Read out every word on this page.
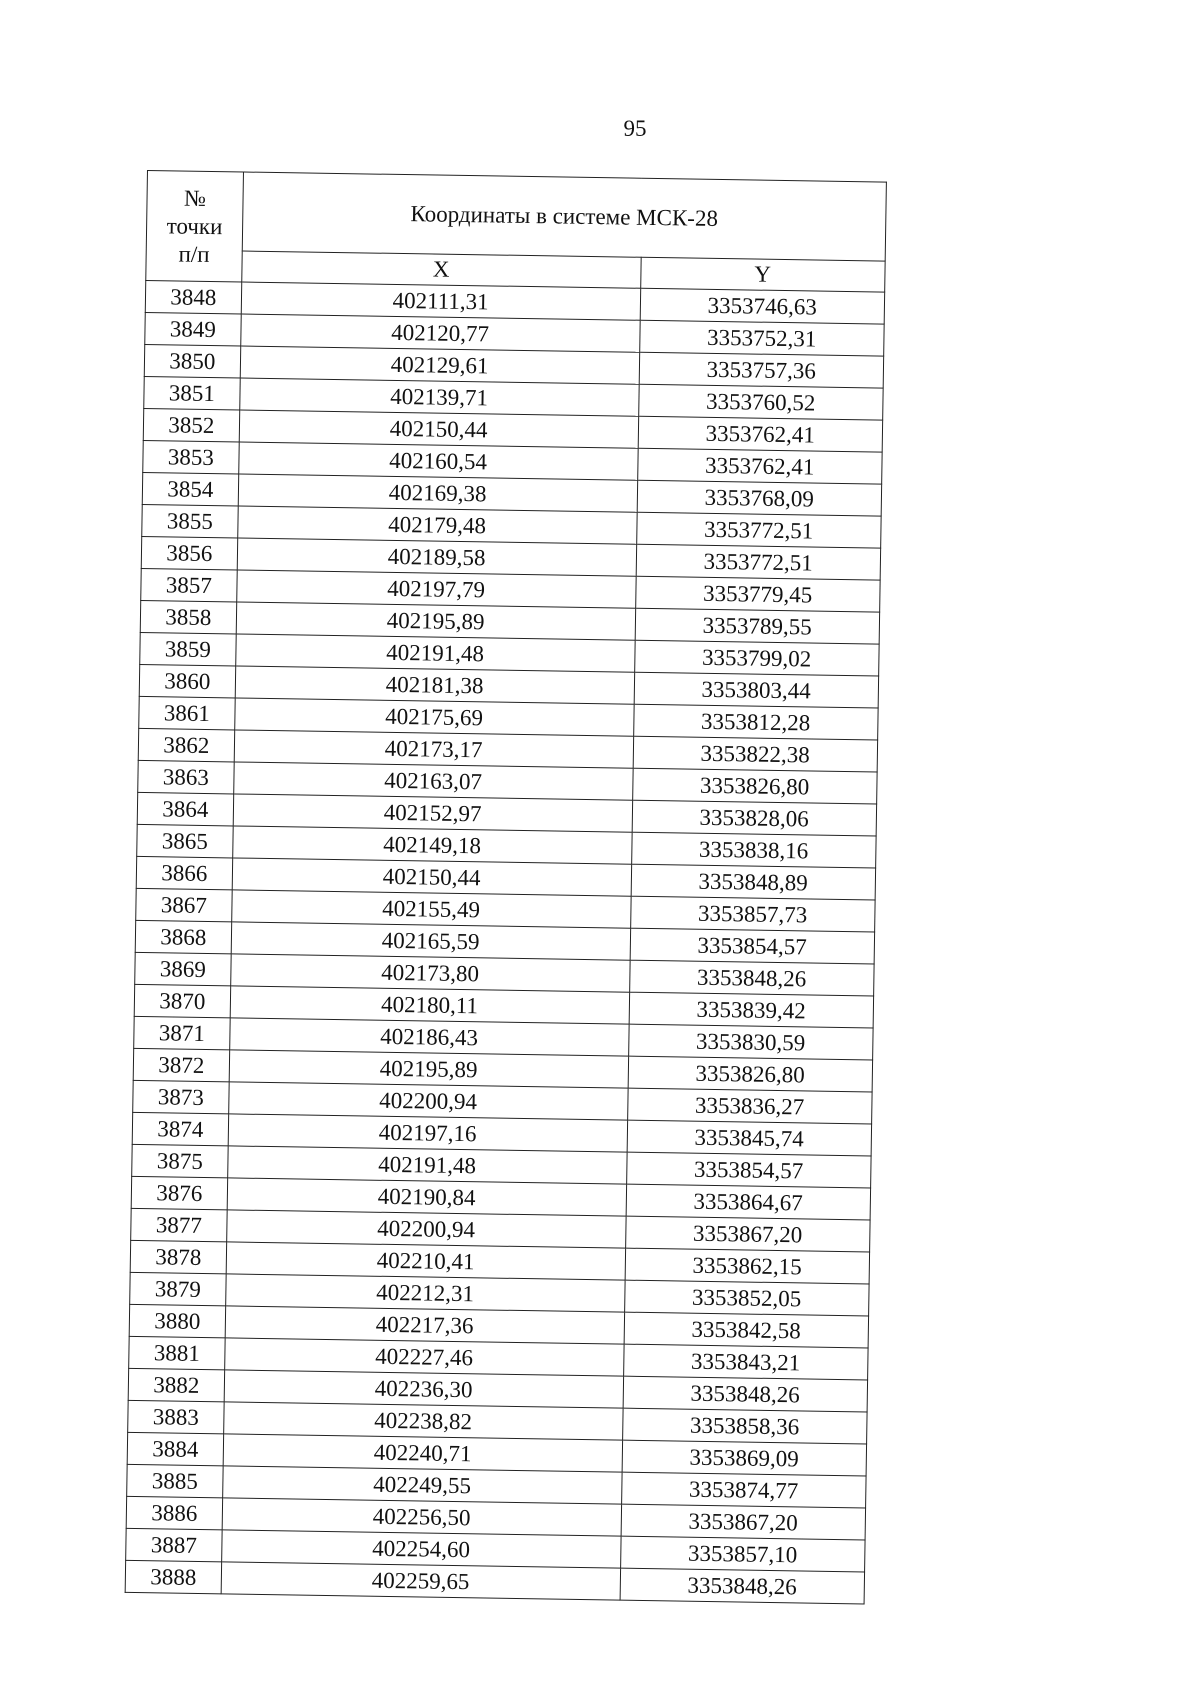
95
№
точки
п/п	Координаты в системе МСК-28	
	X	Y
3848	402111,31	3353746,63
3849	402120,77	3353752,31
3850	402129,61	3353757,36
3851	402139,71	3353760,52
3852	402150,44	3353762,41
3853	402160,54	3353762,41
3854	402169,38	3353768,09
3855	402179,48	3353772,51
3856	402189,58	3353772,51
3857	402197,79	3353779,45
3858	402195,89	3353789,55
3859	402191,48	3353799,02
3860	402181,38	3353803,44
3861	402175,69	3353812,28
3862	402173,17	3353822,38
3863	402163,07	3353826,80
3864	402152,97	3353828,06
3865	402149,18	3353838,16
3866	402150,44	3353848,89
3867	402155,49	3353857,73
3868	402165,59	3353854,57
3869	402173,80	3353848,26
3870	402180,11	3353839,42
3871	402186,43	3353830,59
3872	402195,89	3353826,80
3873	402200,94	3353836,27
3874	402197,16	3353845,74
3875	402191,48	3353854,57
3876	402190,84	3353864,67
3877	402200,94	3353867,20
3878	402210,41	3353862,15
3879	402212,31	3353852,05
3880	402217,36	3353842,58
3881	402227,46	3353843,21
3882	402236,30	3353848,26
3883	402238,82	3353858,36
3884	402240,71	3353869,09
3885	402249,55	3353874,77
3886	402256,50	3353867,20
3887	402254,60	3353857,10
3888	402259,65	3353848,26
